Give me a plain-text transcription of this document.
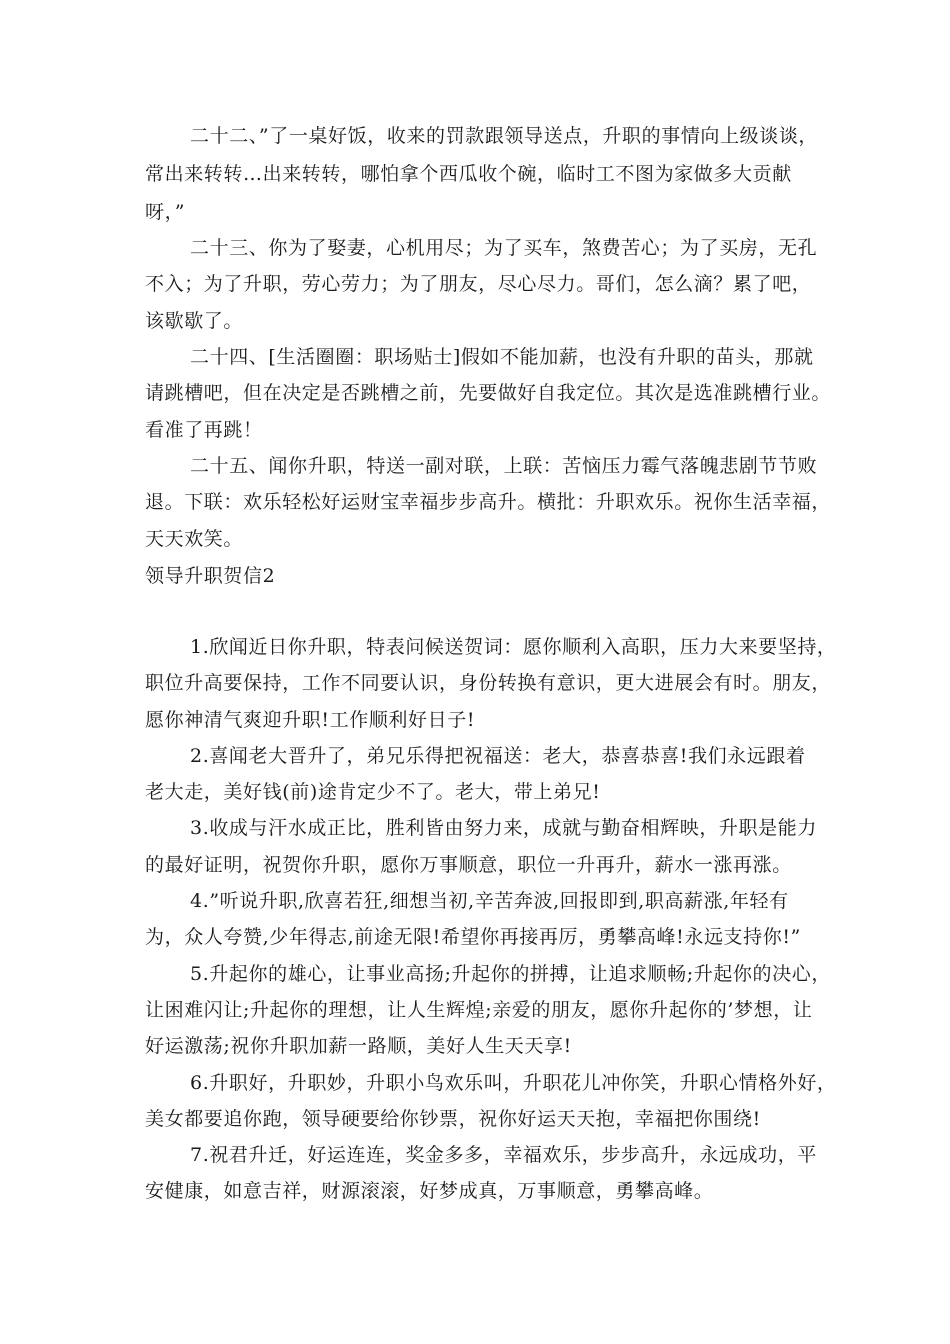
二十二、”了一桌好饭，收来的罚款跟领导送点，升职的事情向上级谈谈，
常出来转转…出来转转，哪怕拿个西瓜收个碗，临时工不图为家做多大贡献
呀，”
二十三、你为了娶妻，心机用尽；为了买车，煞费苦心；为了买房，无孔
不入；为了升职，劳心劳力；为了朋友，尽心尽力。哥们，怎么滴？累了吧，
该歇歇了。
二十四、[生活圈圈：职场贴士]假如不能加薪，也没有升职的苗头，那就
请跳槽吧，但在决定是否跳槽之前，先要做好自我定位。其次是选准跳槽行业。
看准了再跳！
二十五、闻你升职，特送一副对联，上联：苦恼压力霉气落魄悲剧节节败
退。下联：欢乐轻松好运财宝幸福步步高升。横批：升职欢乐。祝你生活幸福，
天天欢笑。
领导升职贺信2
1.欣闻近日你升职，特表问候送贺词：愿你顺利入高职，压力大来要坚持，
职位升高要保持，工作不同要认识，身份转换有意识，更大进展会有时。朋友，
愿你神清气爽迎升职!工作顺利好日子!
2.喜闻老大晋升了，弟兄乐得把祝福送：老大，恭喜恭喜!我们永远跟着
老大走，美好钱(前)途肯定少不了。老大，带上弟兄!
3.收成与汗水成正比，胜利皆由努力来，成就与勤奋相辉映，升职是能力
的最好证明，祝贺你升职，愿你万事顺意，职位一升再升，薪水一涨再涨。
4.”听说升职,欣喜若狂,细想当初,辛苦奔波,回报即到,职高薪涨,年轻有
为，众人夸赞,少年得志,前途无限!希望你再接再厉，勇攀高峰!永远支持你!”
5.升起你的雄心，让事业高扬;升起你的拼搏，让追求顺畅;升起你的决心，
让困难闪让;升起你的理想，让人生辉煌;亲爱的朋友，愿你升起你的’梦想，让
好运激荡;祝你升职加薪一路顺，美好人生天天享!
6.升职好，升职妙，升职小鸟欢乐叫，升职花儿冲你笑，升职心情格外好，
美女都要追你跑，领导硬要给你钞票，祝你好运天天抱，幸福把你围绕!
7.祝君升迁，好运连连，奖金多多，幸福欢乐，步步高升，永远成功，平
安健康，如意吉祥，财源滚滚，好梦成真，万事顺意，勇攀高峰。
